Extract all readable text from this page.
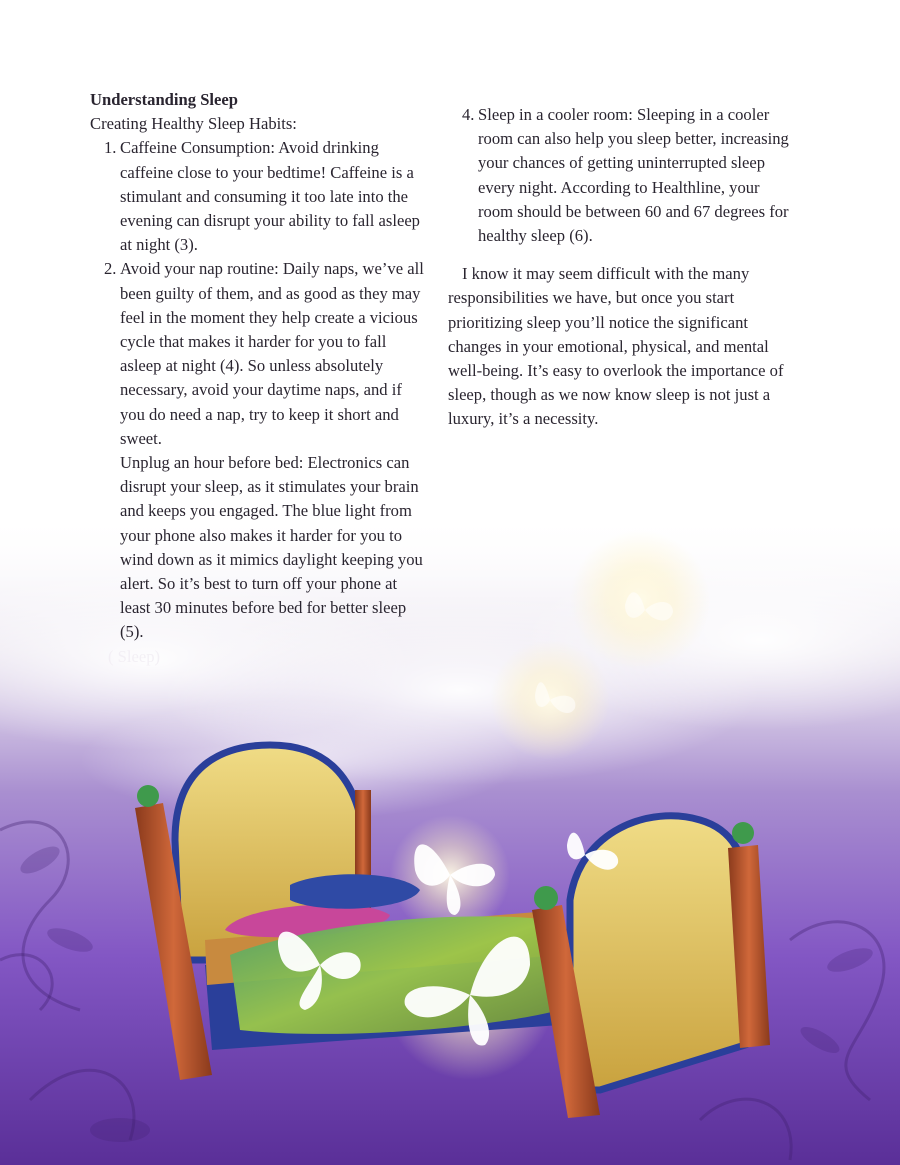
Understanding Sleep
Creating Healthy Sleep Habits:
1. Caffeine Consumption: Avoid drinking caffeine close to your bedtime! Caffeine is a stimulant and consuming it too late into the evening can disrupt your ability to fall asleep at night (3).
2. Avoid your nap routine: Daily naps, we’ve all been guilty of them, and as good as they may feel in the moment they help create a vicious cycle that makes it harder for you to fall asleep at night (4). So unless absolutely necessary, avoid your daytime naps, and if you do need a nap, try to keep it short and sweet.
Unplug an hour before bed: Electronics can disrupt your sleep, as it stimulates your brain and keeps you engaged. The blue light from your phone also makes it harder for you to wind down as it mimics daylight keeping you alert. So it’s best to turn off your phone at least 30 minutes before bed for better sleep (5).
( Sleep)
4. Sleep in a cooler room: Sleeping in a cooler room can also help you sleep better, increasing your chances of getting uninterrupted sleep every night. According to Healthline, your room should be between 60 and 67 degrees for healthy sleep (6).
I know it may seem difficult with the many responsibilities we have, but once you start prioritizing sleep you’ll notice the significant changes in your emotional, physical, and mental well-being. It’s easy to overlook the importance of sleep, though as we now know sleep is not just a luxury, it’s a necessity.
